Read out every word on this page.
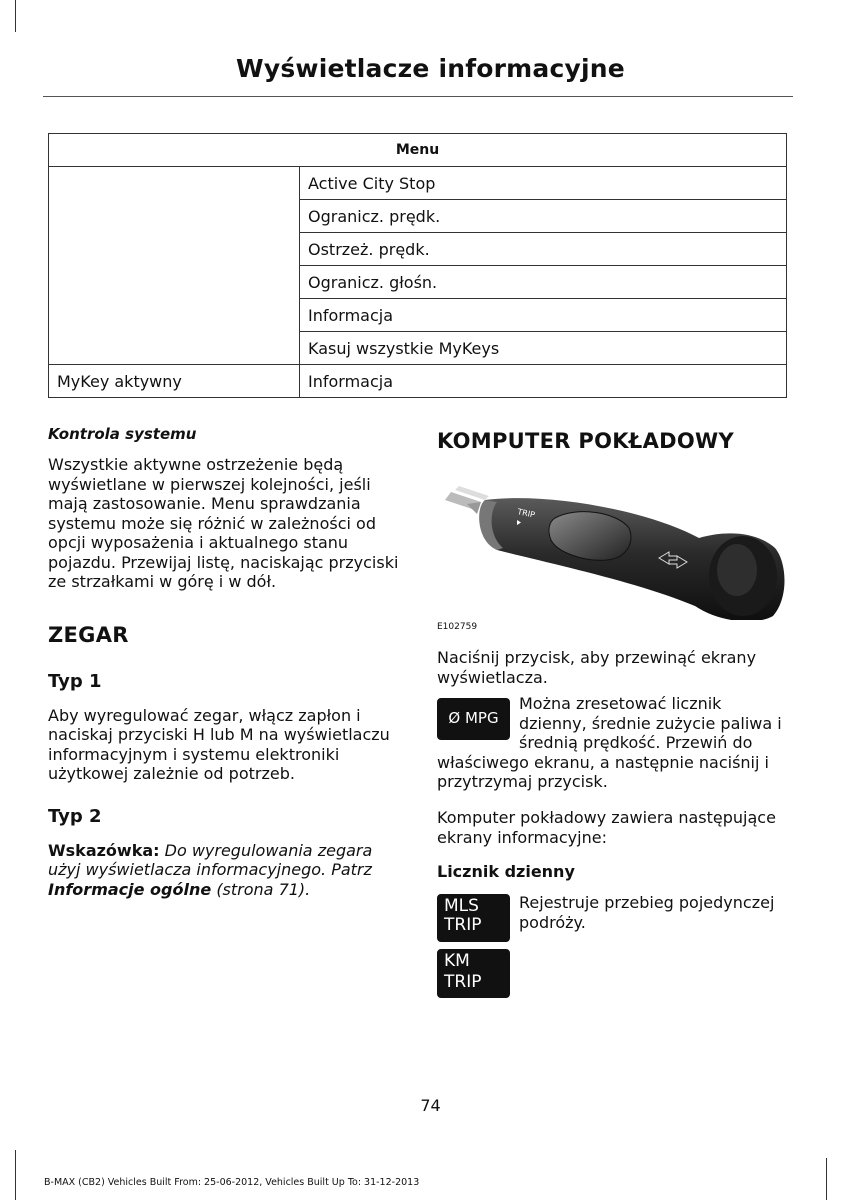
Wyświetlacze informacyjne
Menu	
	Active City Stop
	Ogranicz. prędk.
	Ostrzeż. prędk.
	Ogranicz. głośn.
	Informacja
	Kasuj wszystkie MyKeys
MyKey aktywny	Informacja

Kontrola systemu

Wszystkie aktywne ostrzeżenie będą wyświetlane w pierwszej kolejności, jeśli mają zastosowanie. Menu sprawdzania systemu może się różnić w zależności od opcji wyposażenia i aktualnego stanu pojazdu. Przewijaj listę, naciskając przyciski ze strzałkami w górę i w dół.

ZEGAR

Typ 1

Aby wyregulować zegar, włącz zapłon i naciskaj przyciski H lub M na wyświetlaczu informacyjnym i systemu elektroniki użytkowej zależnie od potrzeb.

Typ 2

Wskazówka: Do wyregulowania zegara użyj wyświetlacza informacyjnego. Patrz Informacje ogólne (strona 71).

KOMPUTER POKŁADOWY

TRIP
E102759

Naciśnij przycisk, aby przewinąć ekrany wyświetlacza.

Ø MPG

Można zresetować licznik dzienny, średnie zużycie paliwa i średnią prędkość. Przewiń do właściwego ekranu, a następnie naciśnij i przytrzymaj przycisk.

Komputer pokładowy zawiera następujące ekrany informacyjne:

Licznik dzienny

MLS
TRIP

Rejestruje przebieg pojedynczej podróży.

KM
TRIP
74
B-MAX (CB2) Vehicles Built From: 25-06-2012, Vehicles Built Up To: 31-12-2013
